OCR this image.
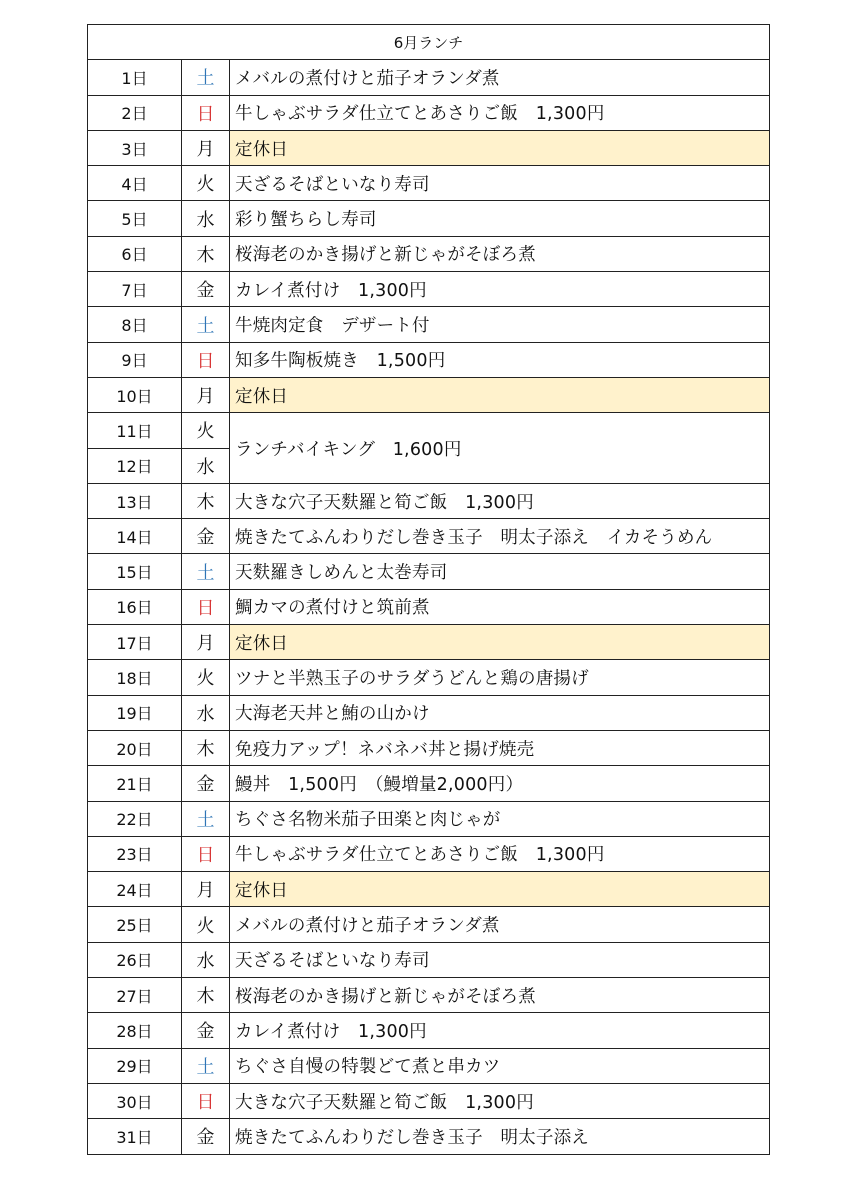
6月ランチ		
1日	土	メバルの煮付けと茄子オランダ煮
2日	日	牛しゃぶサラダ仕立てとあさりご飯　1,300円
3日	月	定休日
4日	火	天ざるそばといなり寿司
5日	水	彩り蟹ちらし寿司
6日	木	桜海老のかき揚げと新じゃがそぼろ煮
7日	金	カレイ煮付け　1,300円
8日	土	牛焼肉定食　デザート付
9日	日	知多牛陶板焼き　1,500円
10日	月	定休日
11日	火	ランチバイキング　1,600円
12日	水	
13日	木	大きな穴子天麩羅と筍ご飯　1,300円
14日	金	焼きたてふんわりだし巻き玉子　明太子添え　イカそうめん
15日	土	天麩羅きしめんと太巻寿司
16日	日	鯛カマの煮付けと筑前煮
17日	月	定休日
18日	火	ツナと半熟玉子のサラダうどんと鶏の唐揚げ
19日	水	大海老天丼と鮪の山かけ
20日	木	免疫力アップ！ネバネバ丼と揚げ焼売
21日	金	鰻丼　1,500円　（鰻増量2,000円）
22日	土	ちぐさ名物米茄子田楽と肉じゃが
23日	日	牛しゃぶサラダ仕立てとあさりご飯　1,300円
24日	月	定休日
25日	火	メバルの煮付けと茄子オランダ煮
26日	水	天ざるそばといなり寿司
27日	木	桜海老のかき揚げと新じゃがそぼろ煮
28日	金	カレイ煮付け　1,300円
29日	土	ちぐさ自慢の特製どて煮と串カツ
30日	日	大きな穴子天麩羅と筍ご飯　1,300円
31日	金	焼きたてふんわりだし巻き玉子　明太子添え
